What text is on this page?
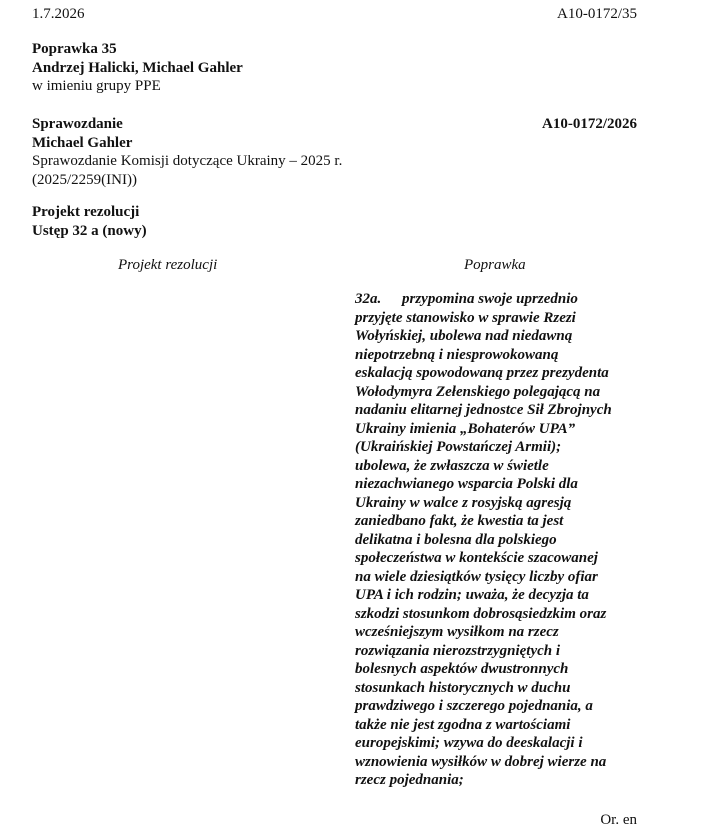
1.7.2026	A10-0172/35
Poprawka 35
Andrzej Halicki, Michael Gahler
w imieniu grupy PPE
Sprawozdanie
Michael Gahler
Sprawozdanie Komisji dotyczące Ukrainy – 2025 r.
(2025/2259(INI))
A10-0172/2026
Projekt rezolucji
Ustęp 32 a (nowy)
Projekt rezolucji	Poprawka
32a. przypomina swoje uprzednio
przyjęte stanowisko w sprawie Rzezi
Wołyńskiej, ubolewa nad niedawną
niepotrzebną i niesprowokowaną
eskalacją spowodowaną przez prezydenta
Wołodymyra Zełenskiego polegającą na
nadaniu elitarnej jednostce Sił Zbrojnych
Ukrainy imienia „Bohaterów UPA”
(Ukraińskiej Powstańczej Armii);
ubolewa, że zwłaszcza w świetle
niezachwianego wsparcia Polski dla
Ukrainy w walce z rosyjską agresją
zaniedbano fakt, że kwestia ta jest
delikatna i bolesna dla polskiego
społeczeństwa w kontekście szacowanej
na wiele dziesiątków tysięcy liczby ofiar
UPA i ich rodzin; uważa, że decyzja ta
szkodzi stosunkom dobrosąsiedzkim oraz
wcześniejszym wysiłkom na rzecz
rozwiązania nierozstrzygniętych i
bolesnych aspektów dwustronnych
stosunkach historycznych w duchu
prawdziwego i szczerego pojednania, a
także nie jest zgodna z wartościami
europejskimi; wzywa do deeskalacji i
wznowienia wysiłków w dobrej wierze na
rzecz pojednania;
Or. en
